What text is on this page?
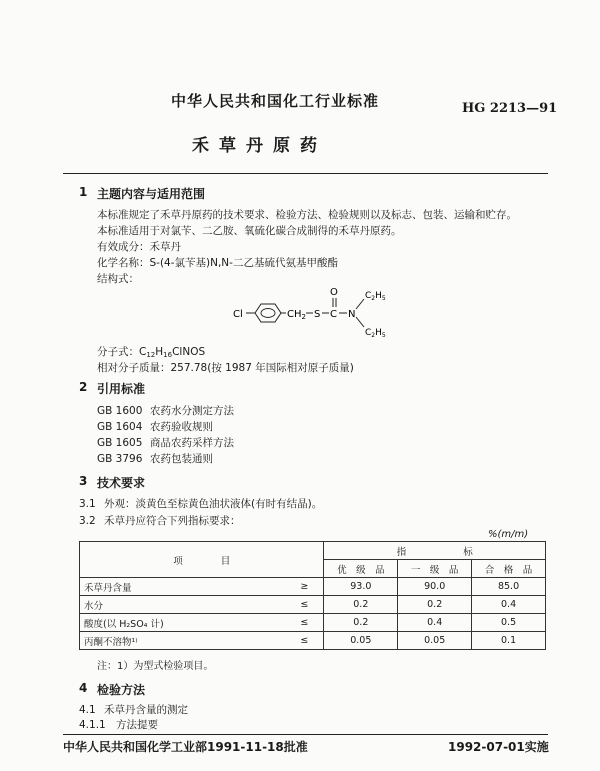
中华人民共和国化工行业标准	HG 2213—91
禾草丹原药
1 主题内容与适用范围
本标准规定了禾草丹原药的技术要求、检验方法、检验规则以及标志、包装、运输和贮存。
本标准适用于对氯苄、二乙胺、氧硫化碳合成制得的禾草丹原药。
有效成分：禾草丹
化学名称：S-(4-氯苄基)N,N-二乙基硫代氨基甲酸酯
结构式：
Cl	$CH_2$ S C
O
N
$C_2H_5$
$C_2H_5$
分子式：$C_{12}H_{16}ClNOS$
相对分子质量：257.78(按 1987 年国际相对原子质量)
2 引用标准
GB 1600 农药水分测定方法
GB 1604 农药验收规则
GB 1605 商品农药采样方法
GB 3796 农药包装通则
3 技术要求
3.1 外观：淡黄色至棕黄色油状液体(有时有结晶)。
3.2 禾草丹应符合下列指标要求：
%(m/m)
项　　　　目		指　　　　　　标		
		优　级　品	一　级　品	合　格　品
禾草丹含量	≥	93.0	90.0	85.0
水分	≤	0.2	0.2	0.4
酸度(以 H₂SO₄ 计)	≤	0.2	0.4	0.5
丙酮不溶物¹⁾	≤	0.05	0.05	0.1
注：1）为型式检验项目。
4 检验方法
4.1 禾草丹含量的测定
4.1.1 方法提要
中华人民共和国化学工业部1991-11-18批准	1992-07-01实施
